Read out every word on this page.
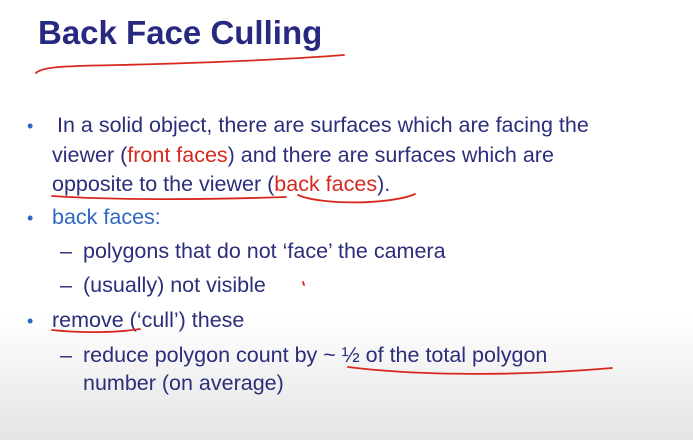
Back Face Culling
• In a solid object, there are surfaces which are facing the
viewer (front faces) and there are surfaces which are
opposite to the viewer (back faces).
• back faces:
– polygons that do not ‘face’ the camera
– (usually) not visible
• remove (‘cull’) these
– reduce polygon count by ~ ½ of the total polygon
number (on average)
